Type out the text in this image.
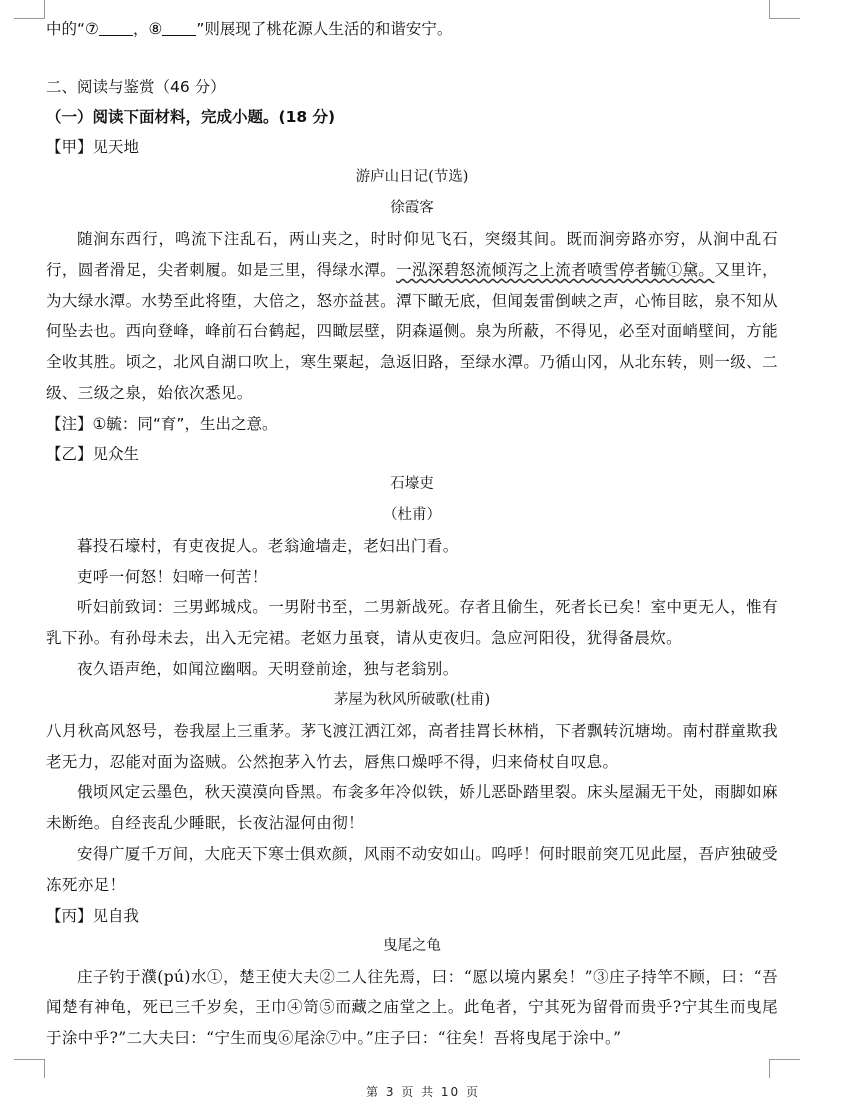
中的“⑦ ，⑧ ”则展现了桃花源人生活的和谐安宁。
二、阅读与鉴赏（46 分）
（一）阅读下面材料，完成小题。(18 分)
【甲】见天地
游庐山日记(节选)
徐霞客
随涧东西行，鸣流下注乱石，两山夹之，时时仰见飞石，突缀其间。既而涧旁路亦穷，从涧中乱石行，圆者滑足，尖者刺履。如是三里，得绿水潭。一泓深碧怒流倾泻之上流者喷雪停者毓①黛。又里许，为大绿水潭。水势至此将堕，大倍之，怒亦益甚。潭下瞰无底，但闻轰雷倒峡之声，心怖目眩，泉不知从何坠去也。西向登峰，峰前石台鹤起，四瞰层壁，阴森逼侧。泉为所蔽，不得见，必至对面峭壁间，方能全收其胜。顷之，北风自湖口吹上，寒生粟起，急返旧路，至绿水潭。乃循山冈，从北东转，则一级、二级、三级之泉，始依次悉见。
【注】①毓：同“育”，生出之意。
【乙】见众生
石壕吏
（杜甫）
暮投石壕村，有吏夜捉人。老翁逾墙走，老妇出门看。
吏呼一何怒！妇啼一何苦！
听妇前致词：三男邺城戍。一男附书至，二男新战死。存者且偷生，死者长已矣！室中更无人，惟有乳下孙。有孙母未去，出入无完裙。老妪力虽衰，请从吏夜归。急应河阳役，犹得备晨炊。
夜久语声绝，如闻泣幽咽。天明登前途，独与老翁别。
茅屋为秋风所破歌(杜甫)
八月秋高风怒号，卷我屋上三重茅。茅飞渡江洒江郊，高者挂罥长林梢，下者飘转沉塘坳。南村群童欺我老无力，忍能对面为盗贼。公然抱茅入竹去，唇焦口燥呼不得，归来倚杖自叹息。
俄顷风定云墨色，秋天漠漠向昏黑。布衾多年冷似铁，娇儿恶卧踏里裂。床头屋漏无干处，雨脚如麻未断绝。自经丧乱少睡眠，长夜沾湿何由彻！
安得广厦千万间，大庇天下寒士俱欢颜，风雨不动安如山。呜呼！何时眼前突兀见此屋，吾庐独破受冻死亦足！
【丙】见自我
曳尾之龟
庄子钓于濮(pú)水①，楚王使大夫②二人往先焉，曰：“愿以境内累矣！”③庄子持竿不顾，曰：“吾闻楚有神龟，死已三千岁矣，王巾④笥⑤而藏之庙堂之上。此龟者，宁其死为留骨而贵乎?宁其生而曳尾于涂中乎?”二大夫曰：“宁生而曳⑥尾涂⑦中。”庄子曰：“往矣！吾将曳尾于涂中。”
第 3 页 共 10 页
